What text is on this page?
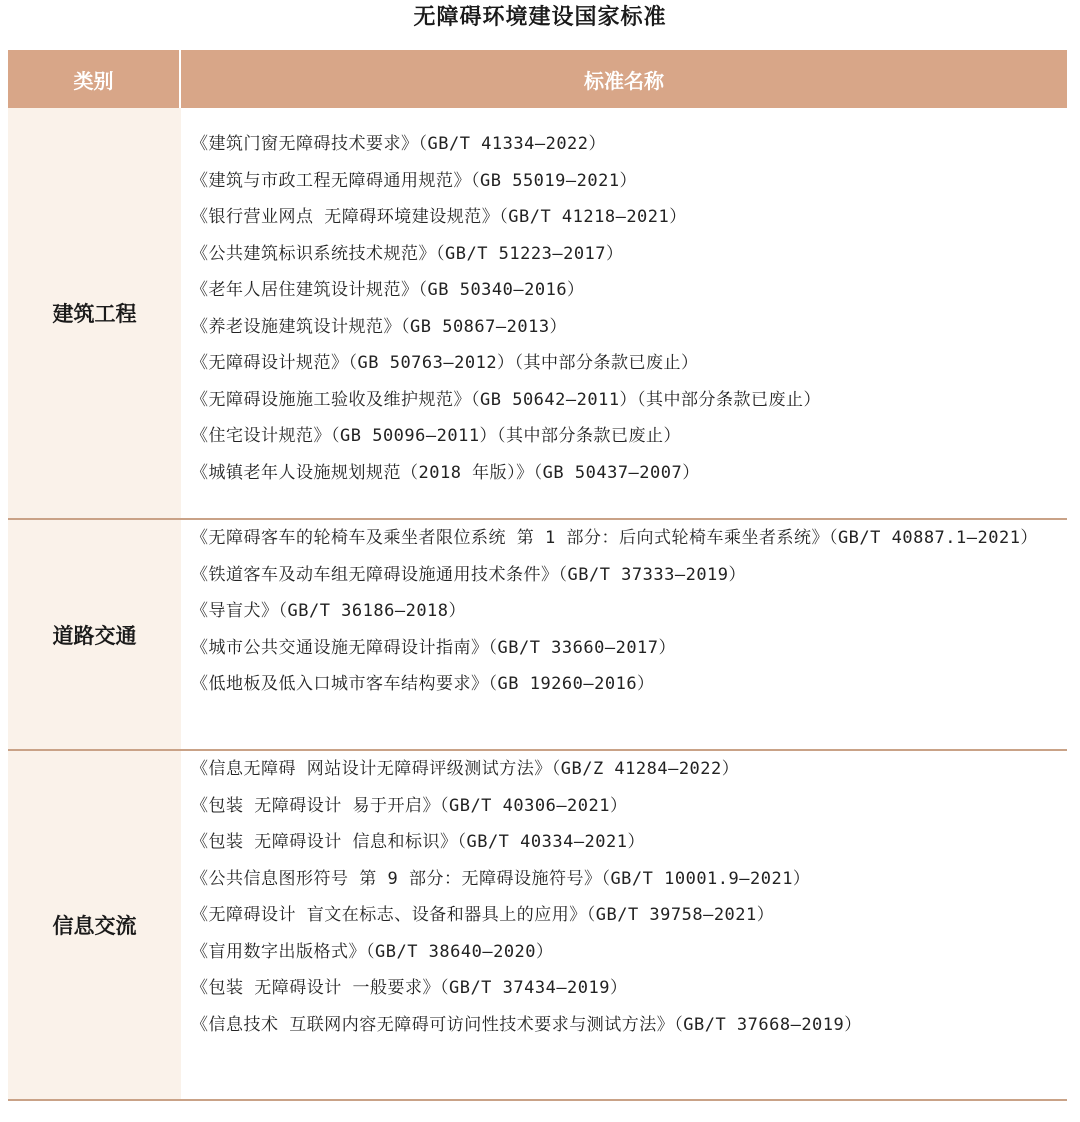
无障碍环境建设国家标准
类别	标准名称
建筑工程
《建筑门窗无障碍技术要求》（GB/T 41334—2022）
《建筑与市政工程无障碍通用规范》（GB 55019—2021）
《银行营业网点 无障碍环境建设规范》（GB/T 41218—2021）
《公共建筑标识系统技术规范》（GB/T 51223—2017）
《老年人居住建筑设计规范》（GB 50340—2016）
《养老设施建筑设计规范》（GB 50867—2013）
《无障碍设计规范》（GB 50763—2012）（其中部分条款已废止）
《无障碍设施施工验收及维护规范》（GB 50642—2011）（其中部分条款已废止）
《住宅设计规范》（GB 50096—2011）（其中部分条款已废止）
《城镇老年人设施规划规范（2018 年版）》（GB 50437—2007）
道路交通
《无障碍客车的轮椅车及乘坐者限位系统 第 1 部分：后向式轮椅车乘坐者系统》（GB/T 40887.1—2021）
《铁道客车及动车组无障碍设施通用技术条件》（GB/T 37333—2019）
《导盲犬》（GB/T 36186—2018）
《城市公共交通设施无障碍设计指南》（GB/T 33660—2017）
《低地板及低入口城市客车结构要求》（GB 19260—2016）
信息交流
《信息无障碍 网站设计无障碍评级测试方法》（GB/Z 41284—2022）
《包装 无障碍设计 易于开启》（GB/T 40306—2021）
《包装 无障碍设计 信息和标识》（GB/T 40334—2021）
《公共信息图形符号 第 9 部分：无障碍设施符号》（GB/T 10001.9—2021）
《无障碍设计 盲文在标志、设备和器具上的应用》（GB/T 39758—2021）
《盲用数字出版格式》（GB/T 38640—2020）
《包装 无障碍设计 一般要求》（GB/T 37434—2019）
《信息技术 互联网内容无障碍可访问性技术要求与测试方法》（GB/T 37668—2019）
